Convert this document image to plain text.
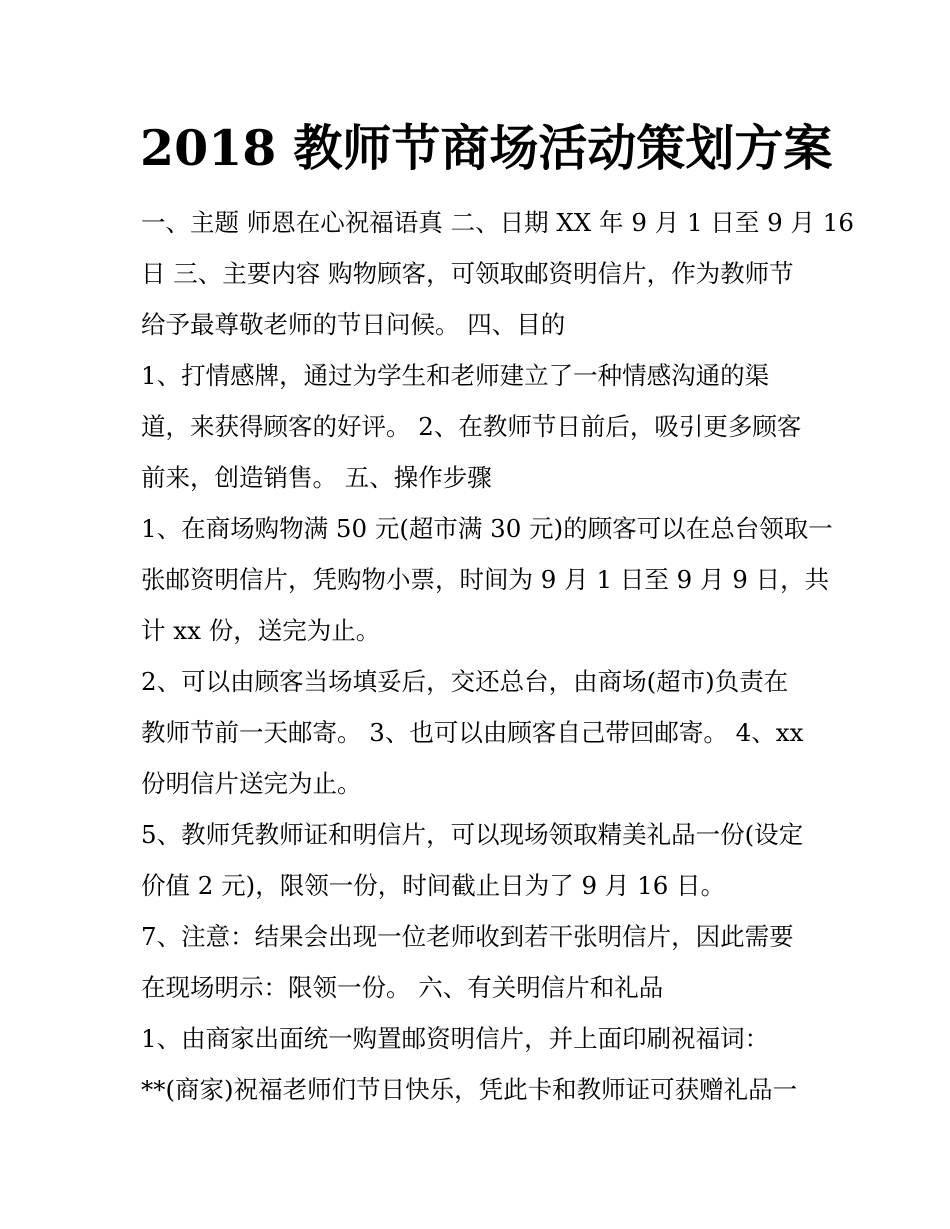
2018 教师节商场活动策划方案
一、主题 师恩在心祝福语真 二、日期 XX 年 9 月 1 日至 9 月 16
日 三、主要内容 购物顾客，可领取邮资明信片，作为教师节
给予最尊敬老师的节日问候。 四、目的
1、打情感牌，通过为学生和老师建立了一种情感沟通的渠
道，来获得顾客的好评。 2、在教师节日前后，吸引更多顾客
前来，创造销售。 五、操作步骤
1、在商场购物满 50 元(超市满 30 元)的顾客可以在总台领取一
张邮资明信片，凭购物小票，时间为 9 月 1 日至 9 月 9 日，共
计 xx 份，送完为止。
2、可以由顾客当场填妥后，交还总台，由商场(超市)负责在
教师节前一天邮寄。 3、也可以由顾客自己带回邮寄。 4、xx
份明信片送完为止。
5、教师凭教师证和明信片，可以现场领取精美礼品一份(设定
价值 2 元)，限领一份，时间截止日为了 9 月 16 日。
7、注意：结果会出现一位老师收到若干张明信片，因此需要
在现场明示：限领一份。 六、有关明信片和礼品
1、由商家出面统一购置邮资明信片，并上面印刷祝福词：
**(商家)祝福老师们节日快乐，凭此卡和教师证可获赠礼品一
